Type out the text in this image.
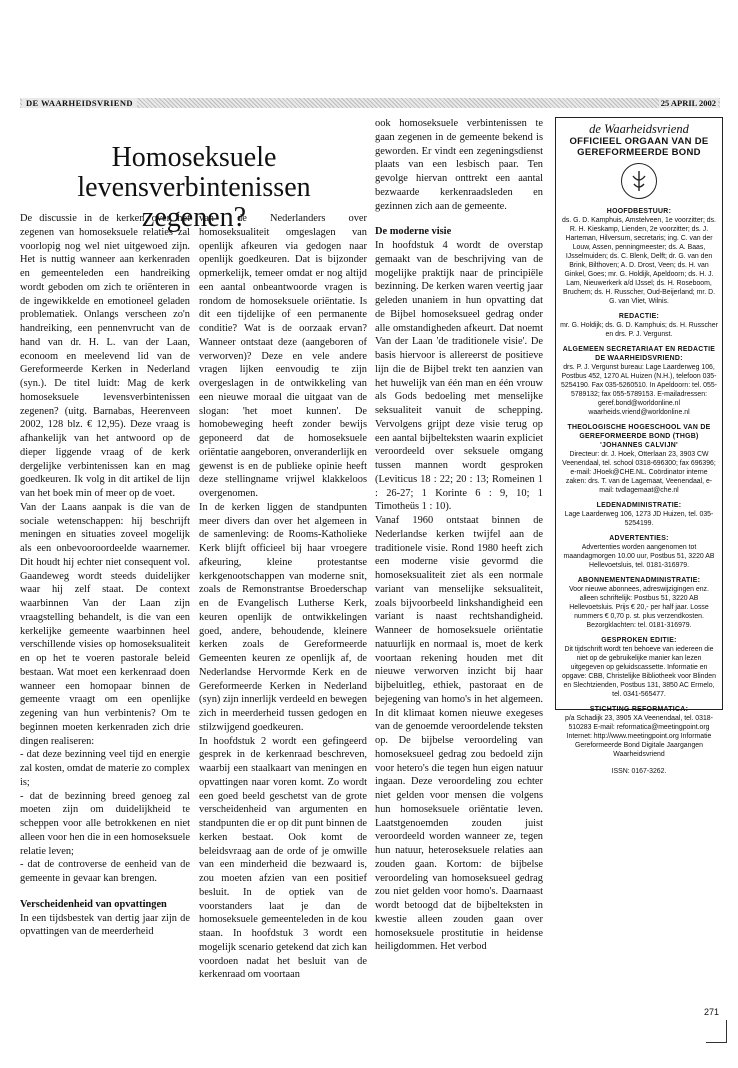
DE WAARHEIDSVRIEND	25 APRIL 2002
Homoseksuele
levensverbintenissen zegenen?

De discussie in de kerken over het zegenen van homoseksuele relaties zal voorlopig nog wel niet uitgewoed zijn. Het is nuttig wanneer aan kerkenraden en gemeenteleden een handreiking wordt geboden om zich te oriënteren in de ingewikkelde en emotioneel geladen problematiek. Onlangs verscheen zo'n handreiking, een pennenvrucht van de hand van dr. H. L. van der Laan, econoom en meelevend lid van de Gereformeerde Kerken in Nederland (syn.). De titel luidt: Mag de kerk homoseksuele levensverbintenissen zegenen? (uitg. Barnabas, Heerenveen 2002, 128 blz. € 12,95). Deze vraag is afhankelijk van het antwoord op de dieper liggende vraag of de kerk dergelijke verbintenissen kan en mag goedkeuren. Ik volg in dit artikel de lijn van het boek min of meer op de voet.

Van der Laans aanpak is die van de sociale wetenschappen: hij beschrijft meningen en situaties zoveel mogelijk als een onbevooroordeelde waarnemer. Dit houdt hij echter niet consequent vol. Gaandeweg wordt steeds duidelijker waar hij zelf staat. De context waarbinnen Van der Laan zijn vraagstelling behandelt, is die van een kerkelijke gemeente waarbinnen heel verschillende visies op homoseksualiteit en op het te voeren pastorale beleid bestaan. Wat moet een kerkenraad doen wanneer een homopaar binnen de gemeente vraagt om een openlijke zegening van hun verbintenis? Om te beginnen moeten kerkenraden zich drie dingen realiseren:

- dat deze bezinning veel tijd en energie zal kosten, omdat de materie zo complex is;

- dat de bezinning breed genoeg zal moeten zijn om duidelijkheid te scheppen voor alle betrokkenen en niet alleen voor hen die in een homoseksuele relatie leven;

- dat de controverse de eenheid van de gemeente in gevaar kan brengen.

Verscheidenheid van opvattingen

In een tijdsbestek van dertig jaar zijn de opvattingen van de meerderheid

van de Nederlanders over homoseksualiteit omgeslagen van openlijk afkeuren via gedogen naar openlijk goedkeuren. Dat is bijzonder opmerkelijk, temeer omdat er nog altijd een aantal onbeantwoorde vragen is rondom de homoseksuele oriëntatie. Is dit een tijdelijke of een permanente conditie? Wat is de oorzaak ervan? Wanneer ontstaat deze (aangeboren of verworven)? Deze en vele andere vragen lijken eenvoudig te zijn overgeslagen in de ontwikkeling van een nieuwe moraal die uitgaat van de slogan: 'het moet kunnen'. De homobeweging heeft zonder bewijs geponeerd dat de homoseksuele oriëntatie aangeboren, onveranderlijk en gewenst is en de publieke opinie heeft deze stellingname vrijwel klakkeloos overgenomen.

In de kerken liggen de standpunten meer divers dan over het algemeen in de samenleving: de Rooms-Katholieke Kerk blijft officieel bij haar vroegere afkeuring, kleine protestantse kerkgenootschappen van moderne snit, zoals de Remonstrantse Broederschap en de Evangelisch Lutherse Kerk, keuren openlijk de ontwikkelingen goed, andere, behoudende, kleinere kerken zoals de Gereformeerde Gemeenten keuren ze openlijk af, de Nederlandse Hervormde Kerk en de Gereformeerde Kerken in Nederland (syn) zijn innerlijk verdeeld en bewegen zich in meerderheid tussen gedogen en stilzwijgend goedkeuren.

In hoofdstuk 2 wordt een gefingeerd gesprek in de kerkenraad beschreven, waarbij een staalkaart van meningen en opvattingen naar voren komt. Zo wordt een goed beeld geschetst van de grote verscheidenheid van argumenten en standpunten die er op dit punt binnen de kerken bestaat. Ook komt de beleidsvraag aan de orde of je omwille van een minderheid die bezwaard is, zou moeten afzien van een positief besluit. In de optiek van de voorstanders laat je dan de homoseksuele gemeenteleden in de kou staan. In hoofdstuk 3 wordt een mogelijk scenario getekend dat zich kan voordoen nadat het besluit van de kerkenraad om voortaan

ook homoseksuele verbintenissen te gaan zegenen in de gemeente bekend is geworden. Er vindt een zegeningsdienst plaats van een lesbisch paar. Ten gevolge hiervan onttrekt een aantal bezwaarde kerkenraadsleden en gezinnen zich aan de gemeente.

De moderne visie

In hoofdstuk 4 wordt de overstap gemaakt van de beschrijving van de mogelijke praktijk naar de principiële bezinning. De kerken waren veertig jaar geleden unaniem in hun opvatting dat de Bijbel homoseksueel gedrag onder alle omstandigheden afkeurt. Dat noemt Van der Laan 'de traditionele visie'. De basis hiervoor is allereerst de positieve lijn die de Bijbel trekt ten aanzien van het huwelijk van één man en één vrouw als Gods bedoeling met menselijke seksualiteit vanuit de schepping. Vervolgens grijpt deze visie terug op een aantal bijbelteksten waarin expliciet veroordeeld over seksuele omgang tussen mannen wordt gesproken (Leviticus 18 : 22; 20 : 13; Romeinen 1 : 26-27; 1 Korinte 6 : 9, 10; 1 Timotheüs 1 : 10).

Vanaf 1960 ontstaat binnen de Nederlandse kerken twijfel aan de traditionele visie. Rond 1980 heeft zich een moderne visie gevormd die homoseksualiteit ziet als een normale variant van menselijke seksualiteit, zoals bijvoorbeeld linkshandigheid een variant is naast rechtshandigheid. Wanneer de homoseksuele oriëntatie natuurlijk en normaal is, moet de kerk voortaan rekening houden met dit nieuwe verworven inzicht bij haar bijbeluitleg, ethiek, pastoraat en de bejegening van homo's in het algemeen. In dit klimaat komen nieuwe exegeses van de genoemde veroordelende teksten op. De bijbelse veroordeling van homoseksueel gedrag zou bedoeld zijn voor hetero's die tegen hun eigen natuur ingaan. Deze veroordeling zou echter niet gelden voor mensen die volgens hun homoseksuele oriëntatie leven. Laatstgenoemden zouden juist veroordeeld worden wanneer ze, tegen hun natuur, heteroseksuele relaties aan zouden gaan. Kortom: de bijbelse veroordeling van homoseksueel gedrag zou niet gelden voor homo's. Daarnaast wordt betoogd dat de bijbelteksten in kwestie alleen zouden gaan over homoseksuele prostitutie in heidense heiligdommen. Het verbod

de Waarheidsvriend
OFFICIEEL ORGAAN VAN DE
GEREFORMEERDE BOND
HOOFDBESTUUR:
ds. G. D. Kamphuis, Amstelveen, 1e voorzitter; ds. R. H. Kieskamp, Lienden, 2e voorzitter; ds. J. Harteman, Hilversum, secretaris; ing. C. van der Louw, Assen, penningmeester; ds. A. Baas, IJsselmuiden; ds. C. Blenk, Delft; dr. G. van den Brink, Bilthoven; A. D. Drost, Veen; ds. H. van Ginkel, Goes; mr. G. Holdijk, Apeldoorn; ds. H. J. Lam, Nieuwerkerk a/d IJssel; ds. H. Roseboom, Bruchem; ds. H. Russcher, Oud-Beijerland; mr. D. G. van Vliet, Wilnis.
REDACTIE:
mr. G. Holdijk; ds. G. D. Kamphuis; ds. H. Russcher en drs. P. J. Vergunst.
ALGEMEEN SECRETARIAAT EN REDACTIE DE WAARHEIDSVRIEND:
drs. P. J. Vergunst bureau: Lage Laarderweg 106, Postbus 452, 1270 AL Huizen (N.H.), telefoon 035-5254190. Fax 035-5260510. In Apeldoorn: tel. 055-5789132; fax 055-5789153. E-mailadressen: geref.bond@worldonline.nl waarheids.vriend@worldonline.nl
THEOLOGISCHE HOGESCHOOL VAN DE GEREFORMEERDE BOND (THGB) 'JOHANNES CALVIJN'
Directeur: dr. J. Hoek, Otterlaan 23, 3903 CW Veenendaal, tel. school 0318-696300; fax 696396; e-mail: JHoek@CHE.NL. Coördinator interne zaken: drs. T. van de Lagemaat, Veenendaal, e-mail: tvdlagemaat@che.nl
LEDENADMINISTRATIE:
Lage Laarderweg 106, 1273 JD Huizen, tel. 035-5254199.
ADVERTENTIES:
Advertenties worden aangenomen tot maandagmorgen 10.00 uur, Postbus 51, 3220 AB Hellevoetsluis, tel. 0181-316979.
ABONNEMENTENADMINISTRATIE:
Voor nieuwe abonnees, adreswijzigingen enz. alleen schriftelijk: Postbus 51, 3220 AB Hellevoetsluis. Prijs € 20,- per half jaar. Losse nummers € 0,70 p. st. plus verzendkosten. Bezorgklachten: tel. 0181-316979.
GESPROKEN EDITIE:
Dit tijdschrift wordt ten behoeve van iedereen die niet op de gebruikelijke manier kan lezen uitgegeven op geluidscassette. Informatie en opgave: CBB, Christelijke Bibliotheek voor Blinden en Slechtzienden, Postbus 131, 3850 AC Ermelo, tel. 0341-565477.
STICHTING REFORMATICA:
p/a Schadijk 23, 3905 XA Veenendaal, tel. 0318-510283 E-mail: reformatica@meetingpoint.org Internet: http://www.meetingpoint.org Informatie Gereformeerde Bond Digitale Jaargangen Waarheidsvriend
ISSN: 0167-3262.
271
